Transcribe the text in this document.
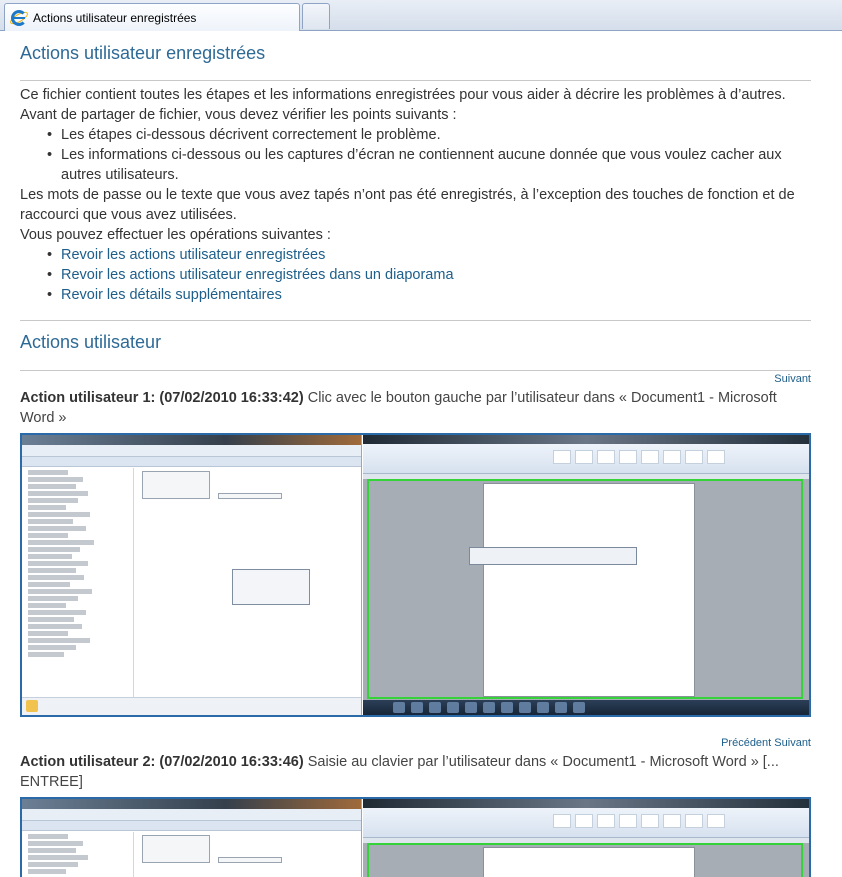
Actions utilisateur enregistrées
Actions utilisateur enregistrées
Ce fichier contient toutes les étapes et les informations enregistrées pour vous aider à décrire les problèmes à d’autres.
Avant de partager de fichier, vous devez vérifier les points suivants :
• Les étapes ci-dessous décrivent correctement le problème.
• Les informations ci-dessous ou les captures d’écran ne contiennent aucune donnée que vous voulez cacher aux autres utilisateurs.
Les mots de passe ou le texte que vous avez tapés n’ont pas été enregistrés, à l’exception des touches de fonction et de raccourci que vous avez utilisées.
Vous pouvez effectuer les opérations suivantes :
• Revoir les actions utilisateur enregistrées
• Revoir les actions utilisateur enregistrées dans un diaporama
• Revoir les détails supplémentaires
Actions utilisateur
Suivant
Action utilisateur 1: (07/02/2010 16:33:42) Clic avec le bouton gauche par l’utilisateur dans « Document1 - Microsoft Word »
Précédent Suivant
Action utilisateur 2: (07/02/2010 16:33:46) Saisie au clavier par l’utilisateur dans « Document1 - Microsoft Word » [... ENTREE]
